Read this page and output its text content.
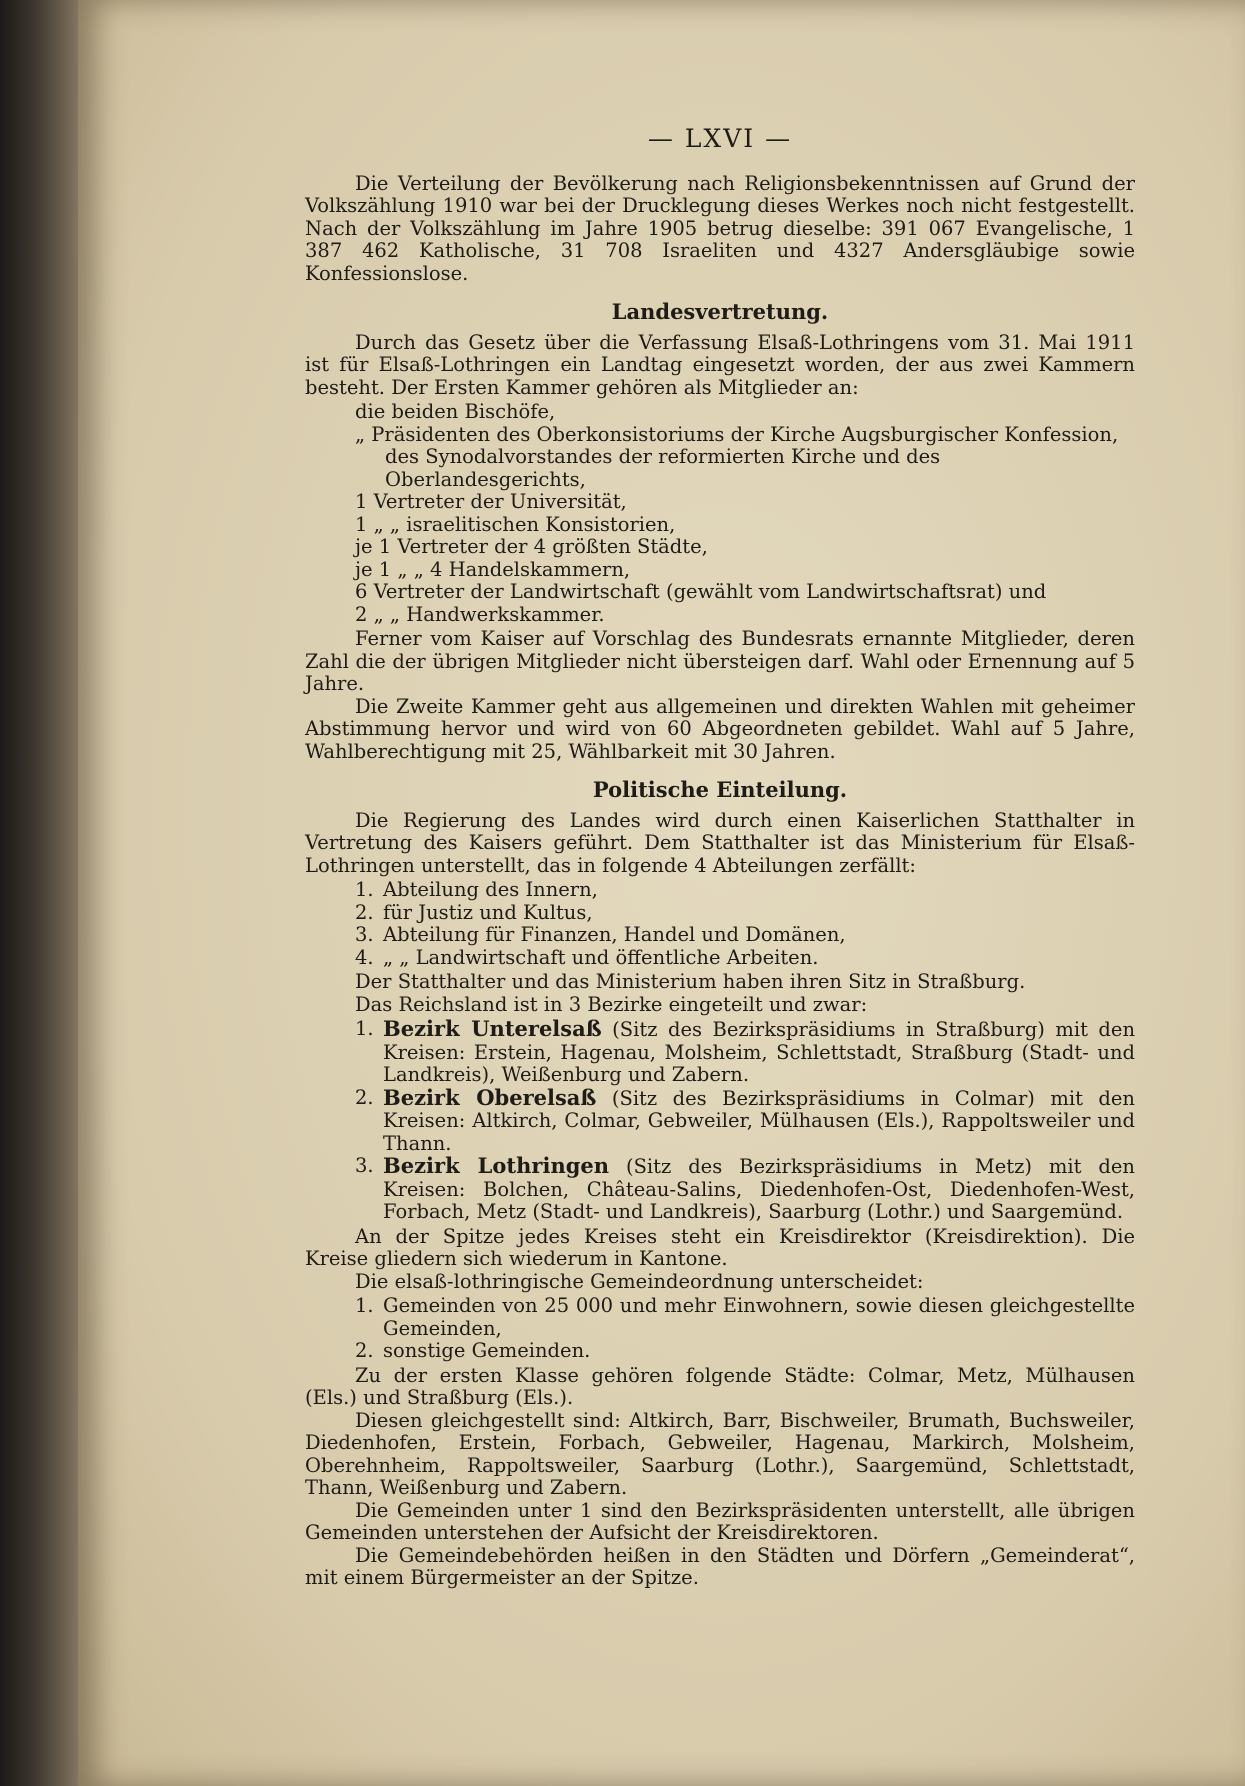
— LXVI —

Die Verteilung der Bevölkerung nach Religionsbekenntnissen auf Grund der Volkszählung 1910 war bei der Drucklegung dieses Werkes noch nicht festgestellt. Nach der Volkszählung im Jahre 1905 betrug dieselbe: 391 067 Evangelische, 1 387 462 Katholische, 31 708 Israeliten und 4327 Andersgläubige sowie Konfessionslose.

Landesvertretung.

Durch das Gesetz über die Verfassung Elsaß-Lothringens vom 31. Mai 1911 ist für Elsaß-Lothringen ein Landtag eingesetzt worden, der aus zwei Kammern besteht. Der Ersten Kammer gehören als Mitglieder an:

die beiden Bischöfe,
„ Präsidenten des Oberkonsistoriums der Kirche Augsburgischer Konfession,
des Synodalvorstandes der reformierten Kirche und des Oberlandesgerichts,
1 Vertreter der Universität,
1 „ „ israelitischen Konsistorien,
je 1 Vertreter der 4 größten Städte,
je 1 „ „ 4 Handelskammern,
6 Vertreter der Landwirtschaft (gewählt vom Landwirtschaftsrat) und
2 „ „ Handwerkskammer.

Ferner vom Kaiser auf Vorschlag des Bundesrats ernannte Mitglieder, deren Zahl die der übrigen Mitglieder nicht übersteigen darf. Wahl oder Ernennung auf 5 Jahre.

Die Zweite Kammer geht aus allgemeinen und direkten Wahlen mit geheimer Abstimmung hervor und wird von 60 Abgeordneten gebildet. Wahl auf 5 Jahre, Wahlberechtigung mit 25, Wählbarkeit mit 30 Jahren.

Politische Einteilung.

Die Regierung des Landes wird durch einen Kaiserlichen Statthalter in Vertretung des Kaisers geführt. Dem Statthalter ist das Ministerium für Elsaß-Lothringen unterstellt, das in folgende 4 Abteilungen zerfällt:

1. Abteilung des Innern,
2. für Justiz und Kultus,
3. Abteilung für Finanzen, Handel und Domänen,
4. „ „ Landwirtschaft und öffentliche Arbeiten.

Der Statthalter und das Ministerium haben ihren Sitz in Straßburg.

Das Reichsland ist in 3 Bezirke eingeteilt und zwar:

1. Bezirk Unterelsaß (Sitz des Bezirkspräsidiums in Straßburg) mit den Kreisen: Erstein, Hagenau, Molsheim, Schlettstadt, Straßburg (Stadt- und Landkreis), Weißenburg und Zabern.
2. Bezirk Oberelsaß (Sitz des Bezirkspräsidiums in Colmar) mit den Kreisen: Altkirch, Colmar, Gebweiler, Mülhausen (Els.), Rappoltsweiler und Thann.
3. Bezirk Lothringen (Sitz des Bezirkspräsidiums in Metz) mit den Kreisen: Bolchen, Château-Salins, Diedenhofen-Ost, Diedenhofen-West, Forbach, Metz (Stadt- und Landkreis), Saarburg (Lothr.) und Saargemünd.

An der Spitze jedes Kreises steht ein Kreisdirektor (Kreisdirektion). Die Kreise gliedern sich wiederum in Kantone.

Die elsaß-lothringische Gemeindeordnung unterscheidet:

1. Gemeinden von 25 000 und mehr Einwohnern, sowie diesen gleichgestellte Gemeinden,
2. sonstige Gemeinden.

Zu der ersten Klasse gehören folgende Städte: Colmar, Metz, Mülhausen (Els.) und Straßburg (Els.).

Diesen gleichgestellt sind: Altkirch, Barr, Bischweiler, Brumath, Buchsweiler, Diedenhofen, Erstein, Forbach, Gebweiler, Hagenau, Markirch, Molsheim, Oberehnheim, Rappoltsweiler, Saarburg (Lothr.), Saargemünd, Schlettstadt, Thann, Weißenburg und Zabern.

Die Gemeinden unter 1 sind den Bezirkspräsidenten unterstellt, alle übrigen Gemeinden unterstehen der Aufsicht der Kreisdirektoren.

Die Gemeindebehörden heißen in den Städten und Dörfern „Gemeinderat“, mit einem Bürgermeister an der Spitze.
